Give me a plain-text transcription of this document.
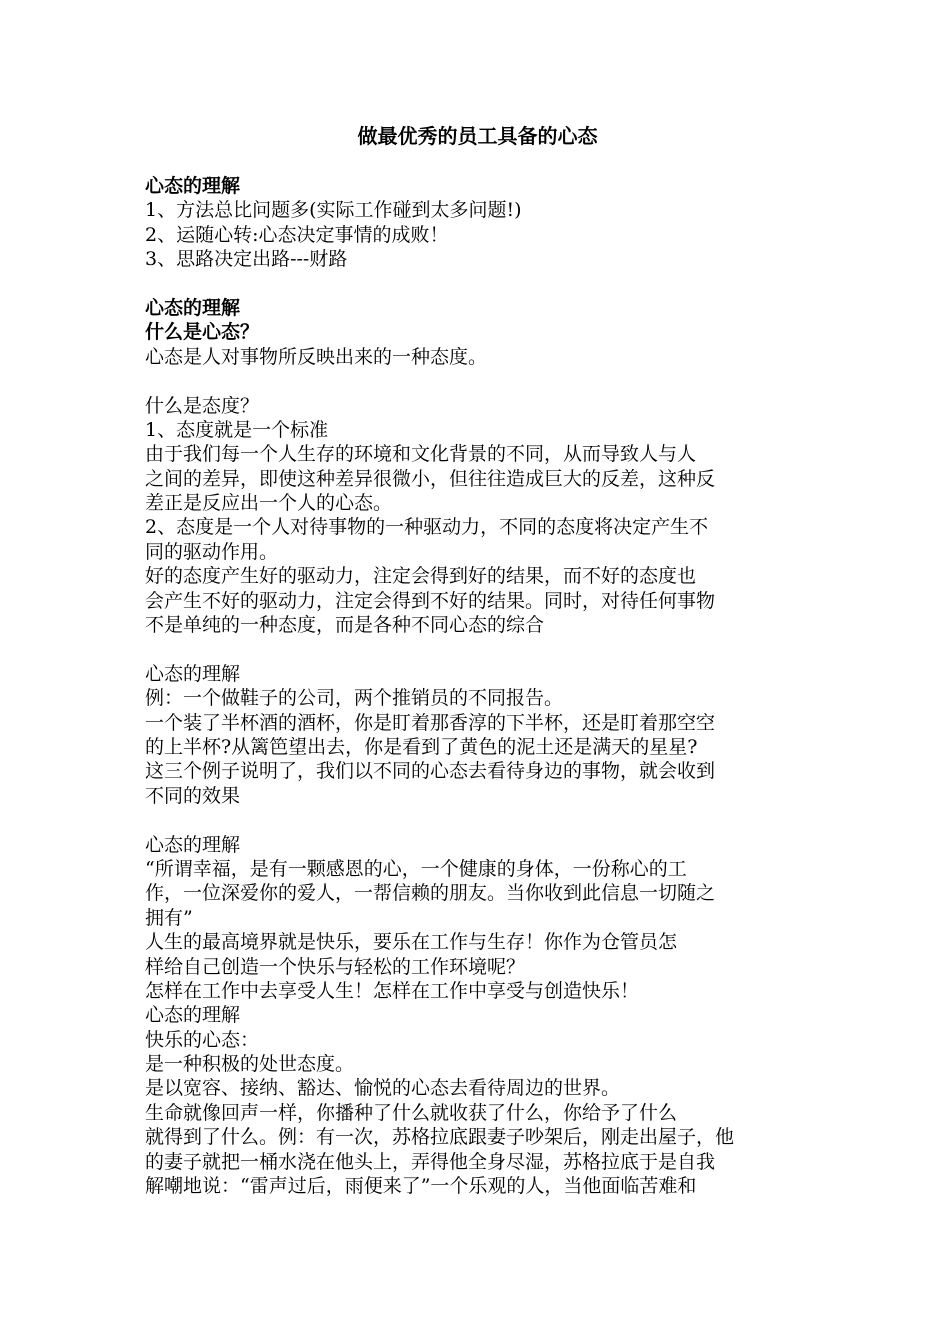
做最优秀的员工具备的心态
心态的理解
1、方法总比问题多(实际工作碰到太多问题!)
2、运随心转:心态决定事情的成败！
3、思路决定出路---财路
心态的理解
什么是心态？
心态是人对事物所反映出来的一种态度。
什么是态度？
1、态度就是一个标准
由于我们每一个人生存的环境和文化背景的不同，从而导致人与人
之间的差异，即使这种差异很微小，但往往造成巨大的反差，这种反
差正是反应出一个人的心态。
2、态度是一个人对待事物的一种驱动力，不同的态度将决定产生不
同的驱动作用。
好的态度产生好的驱动力，注定会得到好的结果，而不好的态度也
会产生不好的驱动力，注定会得到不好的结果。同时，对待任何事物
不是单纯的一种态度，而是各种不同心态的综合
心态的理解
例：一个做鞋子的公司，两个推销员的不同报告。
一个装了半杯酒的酒杯，你是盯着那香淳的下半杯，还是盯着那空空
的上半杯?从篱笆望出去，你是看到了黄色的泥土还是满天的星星?
这三个例子说明了，我们以不同的心态去看待身边的事物，就会收到
不同的效果
心态的理解
“所谓幸福，是有一颗感恩的心，一个健康的身体，一份称心的工
作，一位深爱你的爱人，一帮信赖的朋友。当你收到此信息一切随之
拥有”
人生的最高境界就是快乐，要乐在工作与生存！你作为仓管员怎
样给自己创造一个快乐与轻松的工作环境呢？
怎样在工作中去享受人生！怎样在工作中享受与创造快乐！
心态的理解
快乐的心态：
是一种积极的处世态度。
是以宽容、接纳、豁达、愉悦的心态去看待周边的世界。
生命就像回声一样，你播种了什么就收获了什么，你给予了什么
就得到了什么。例：有一次，苏格拉底跟妻子吵架后，刚走出屋子，他
的妻子就把一桶水浇在他头上，弄得他全身尽湿，苏格拉底于是自我
解嘲地说：“雷声过后，雨便来了”一个乐观的人，当他面临苦难和
